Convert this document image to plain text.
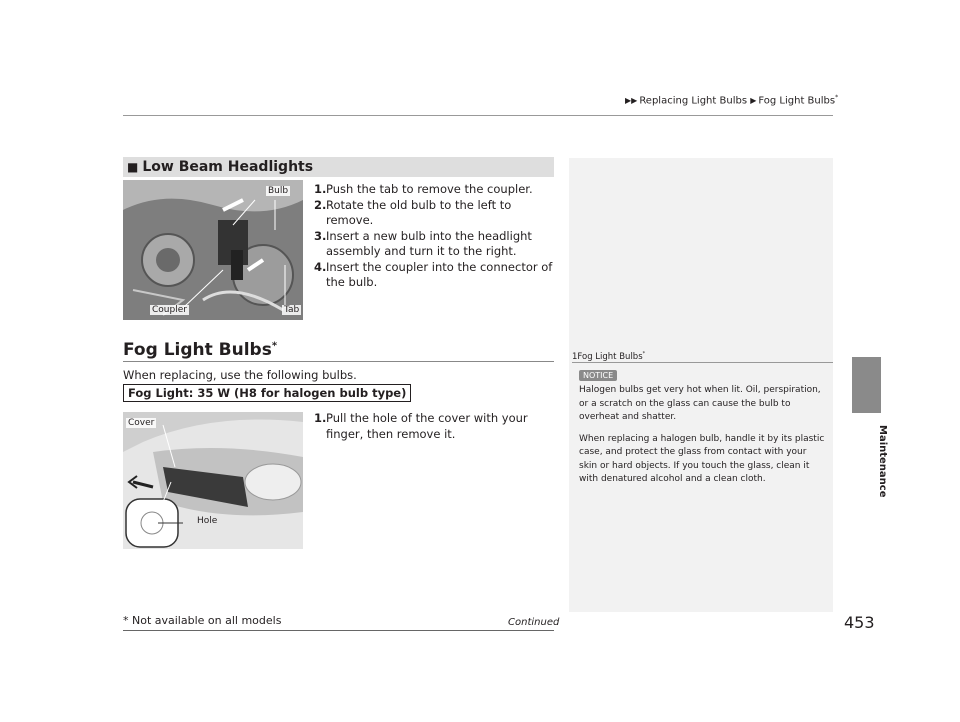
▶▶ Replacing Light Bulbs ▶ Fog Light Bulbs*
Maintenance
■ Low Beam Headlights
Bulb
Coupler	Tab
1. Push the tab to remove the coupler.
2. Rotate the old bulb to the left to remove.
3. Insert a new bulb into the headlight assembly and turn it to the right.
4. Insert the coupler into the connector of the bulb.
Fog Light Bulbs*
When replacing, use the following bulbs.
Fog Light: 35 W (H8 for halogen bulb type)
Cover
Hole
1. Pull the hole of the cover with your finger, then remove it.
1Fog Light Bulbs*
NOTICE

Halogen bulbs get very hot when lit. Oil, perspiration, or a scratch on the glass can cause the bulb to overheat and shatter.

When replacing a halogen bulb, handle it by its plastic case, and protect the glass from contact with your skin or hard objects. If you touch the glass, clean it with denatured alcohol and a clean cloth.

* Not available on all models	Continued	453
